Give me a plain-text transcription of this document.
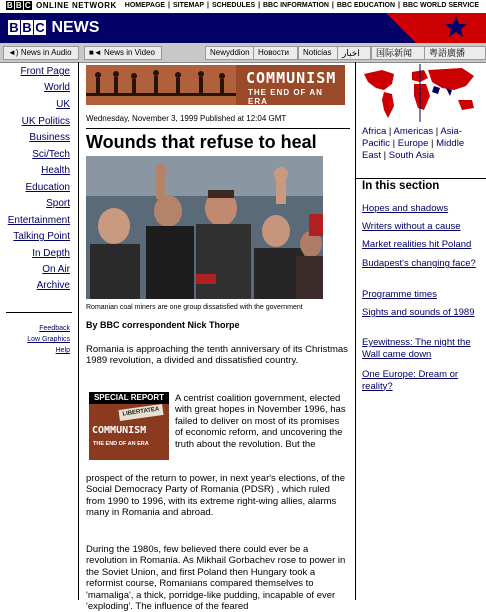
B B C ONLINE NETWORK HOMEPAGE | SITEMAP | SCHEDULES | BBC INFORMATION | BBC EDUCATION | BBC WORLD SERVICE
B B C NEWS
◄) News in Audio	■◄ News in Video	Newyddion	Новости	Noticias	اخبار	国际新闻	粤語廣播
Front Page
World
UK
UK Politics
Business
Sci/Tech
Health
Education
Sport
Entertainment
Talking Point
In Depth
On Air
Archive
Feedback
Low Graphics
Help
COMMUNISM
THE END OF AN ERA
Wednesday, November 3, 1999 Published at 12:04 GMT
Wounds that refuse to heal
Romanian coal miners are one group dissatisfied with the government
By BBC correspondent Nick Thorpe
Romania is approaching the tenth anniversary of its Christmas 1989 revolution, a divided and dissatisfied country.
SPECIAL REPORT
LIBERTATEA
COMMUNISM
THE END OF AN ERA
A centrist coalition government, elected with great hopes in November 1996, has failed to deliver on most of its promises of economic reform, and uncovering the truth about the revolution. But the
prospect of the return to power, in next year's elections, of the Social Democracy Party of Romania (PDSR) , which ruled from 1990 to 1996, with its extreme right-wing allies, alarms many in Romania and abroad.
During the 1980s, few believed there could ever be a revolution in Romania. As Mikhail Gorbachev rose to power in the Soviet Union, and first Poland then Hungary took a reformist course, Romanians compared themselves to 'mamaliga', a thick, porridge-like pudding, incapable of ever 'exploding'. The influence of the feared
Africa | Americas | Asia-Pacific | Europe | Middle East | South Asia
In this section
Hopes and shadows
Writers without a cause
Market realities hit Poland
Budapest's changing face?
Programme times
Sights and sounds of 1989
Eyewitness: The night the Wall came down
One Europe: Dream or reality?
